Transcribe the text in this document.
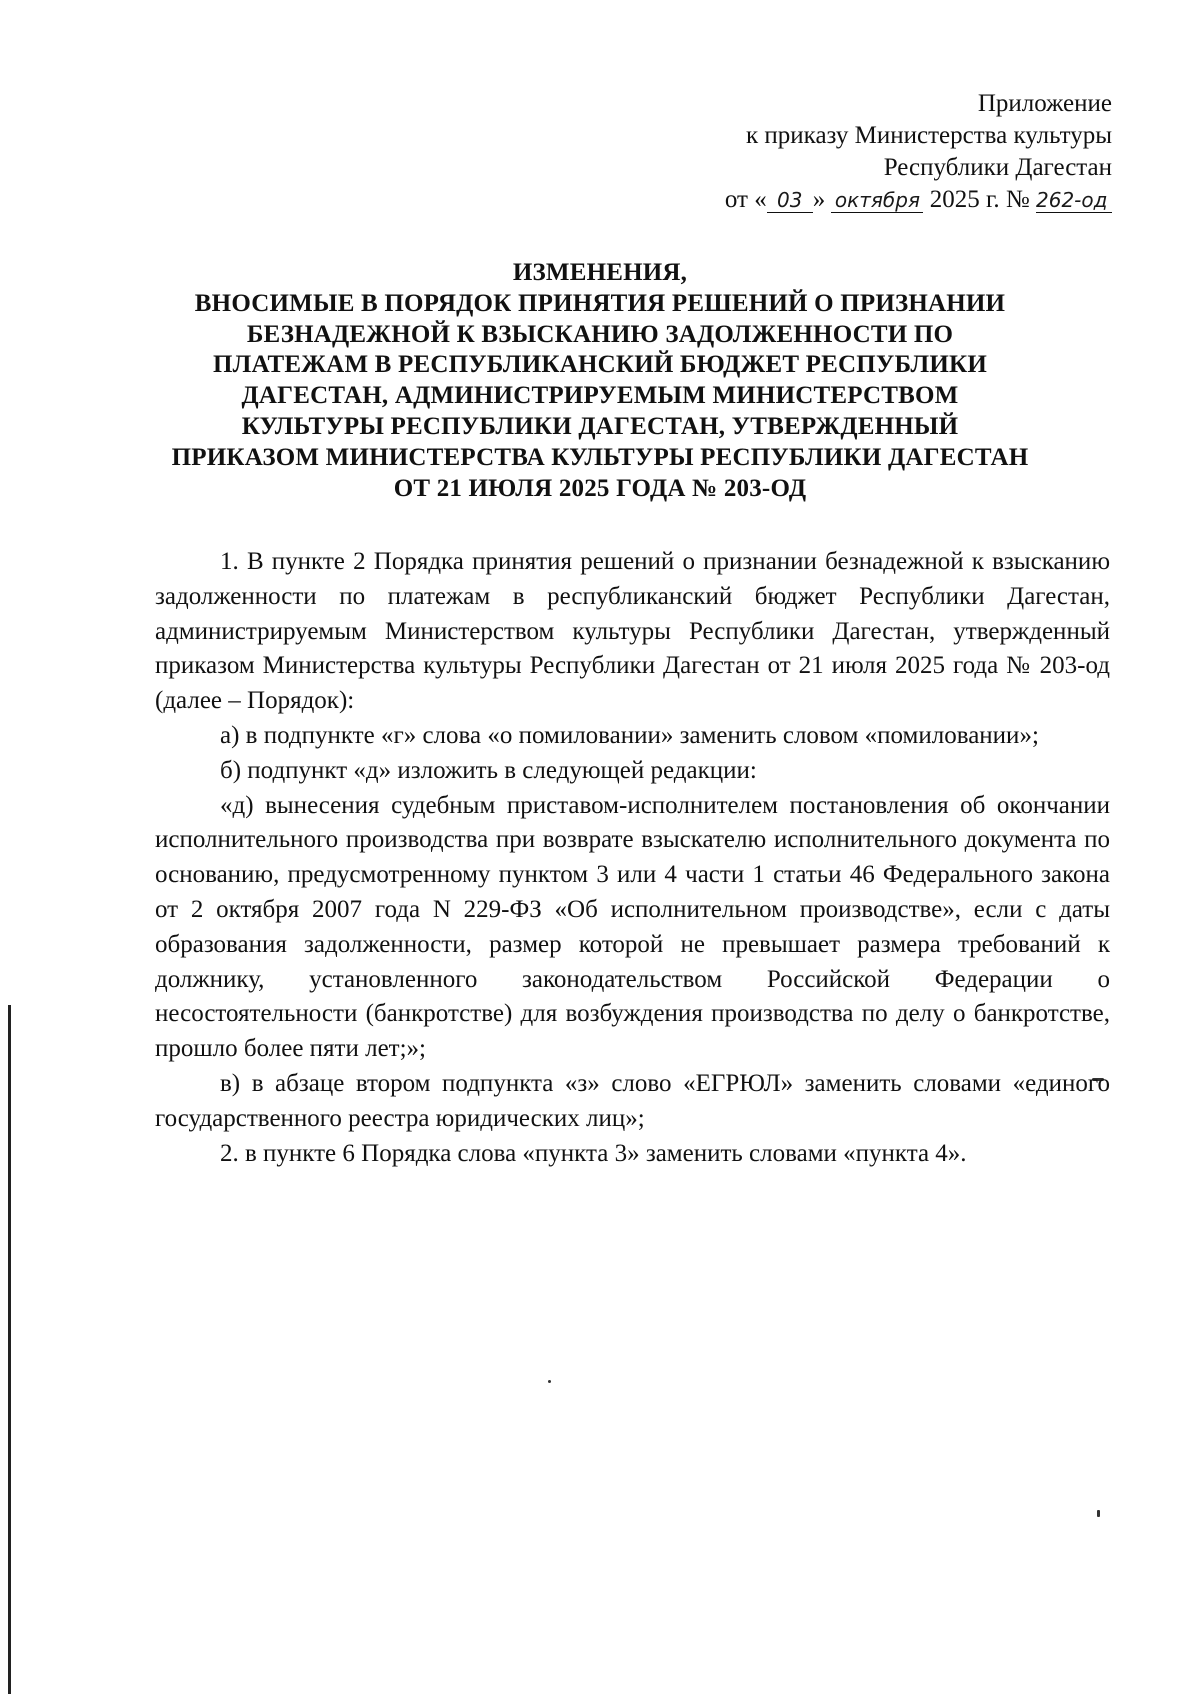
Приложение
к приказу Министерства культуры
Республики Дагестан
от « 03 » октября 2025 г. № 262-од
ИЗМЕНЕНИЯ,
ВНОСИМЫЕ В ПОРЯДОК ПРИНЯТИЯ РЕШЕНИЙ О ПРИЗНАНИИ
БЕЗНАДЕЖНОЙ К ВЗЫСКАНИЮ ЗАДОЛЖЕННОСТИ ПО
ПЛАТЕЖАМ В РЕСПУБЛИКАНСКИЙ БЮДЖЕТ РЕСПУБЛИКИ
ДАГЕСТАН, АДМИНИСТРИРУЕМЫМ МИНИСТЕРСТВОМ
КУЛЬТУРЫ РЕСПУБЛИКИ ДАГЕСТАН, УТВЕРЖДЕННЫЙ
ПРИКАЗОМ МИНИСТЕРСТВА КУЛЬТУРЫ РЕСПУБЛИКИ ДАГЕСТАН
ОТ 21 ИЮЛЯ 2025 ГОДА № 203-ОД

1. В пункте 2 Порядка принятия решений о признании безнадежной к взысканию задолженности по платежам в республиканский бюджет Республики Дагестан, администрируемым Министерством культуры Республики Дагестан, утвержденный приказом Министерства культуры Республики Дагестан от 21 июля 2025 года № 203-од (далее – Порядок):

а) в подпункте «г» слова «о помиловании» заменить словом «помиловании»;

б) подпункт «д» изложить в следующей редакции:

«д) вынесения судебным приставом-исполнителем постановления об окончании исполнительного производства при возврате взыскателю исполнительного документа по основанию, предусмотренному пунктом 3 или 4 части 1 статьи 46 Федерального закона от 2 октября 2007 года N 229-ФЗ «Об исполнительном производстве», если с даты образования задолженности, размер которой не превышает размера требований к должнику, установленного законодательством Российской Федерации о несостоятельности (банкротстве) для возбуждения производства по делу о банкротстве, прошло более пяти лет;»;

в) в абзаце втором подпункта «з» слово «ЕГРЮЛ» заменить словами «единого государственного реестра юридических лиц»;

2. в пункте 6 Порядка слова «пункта 3» заменить словами «пункта 4».
